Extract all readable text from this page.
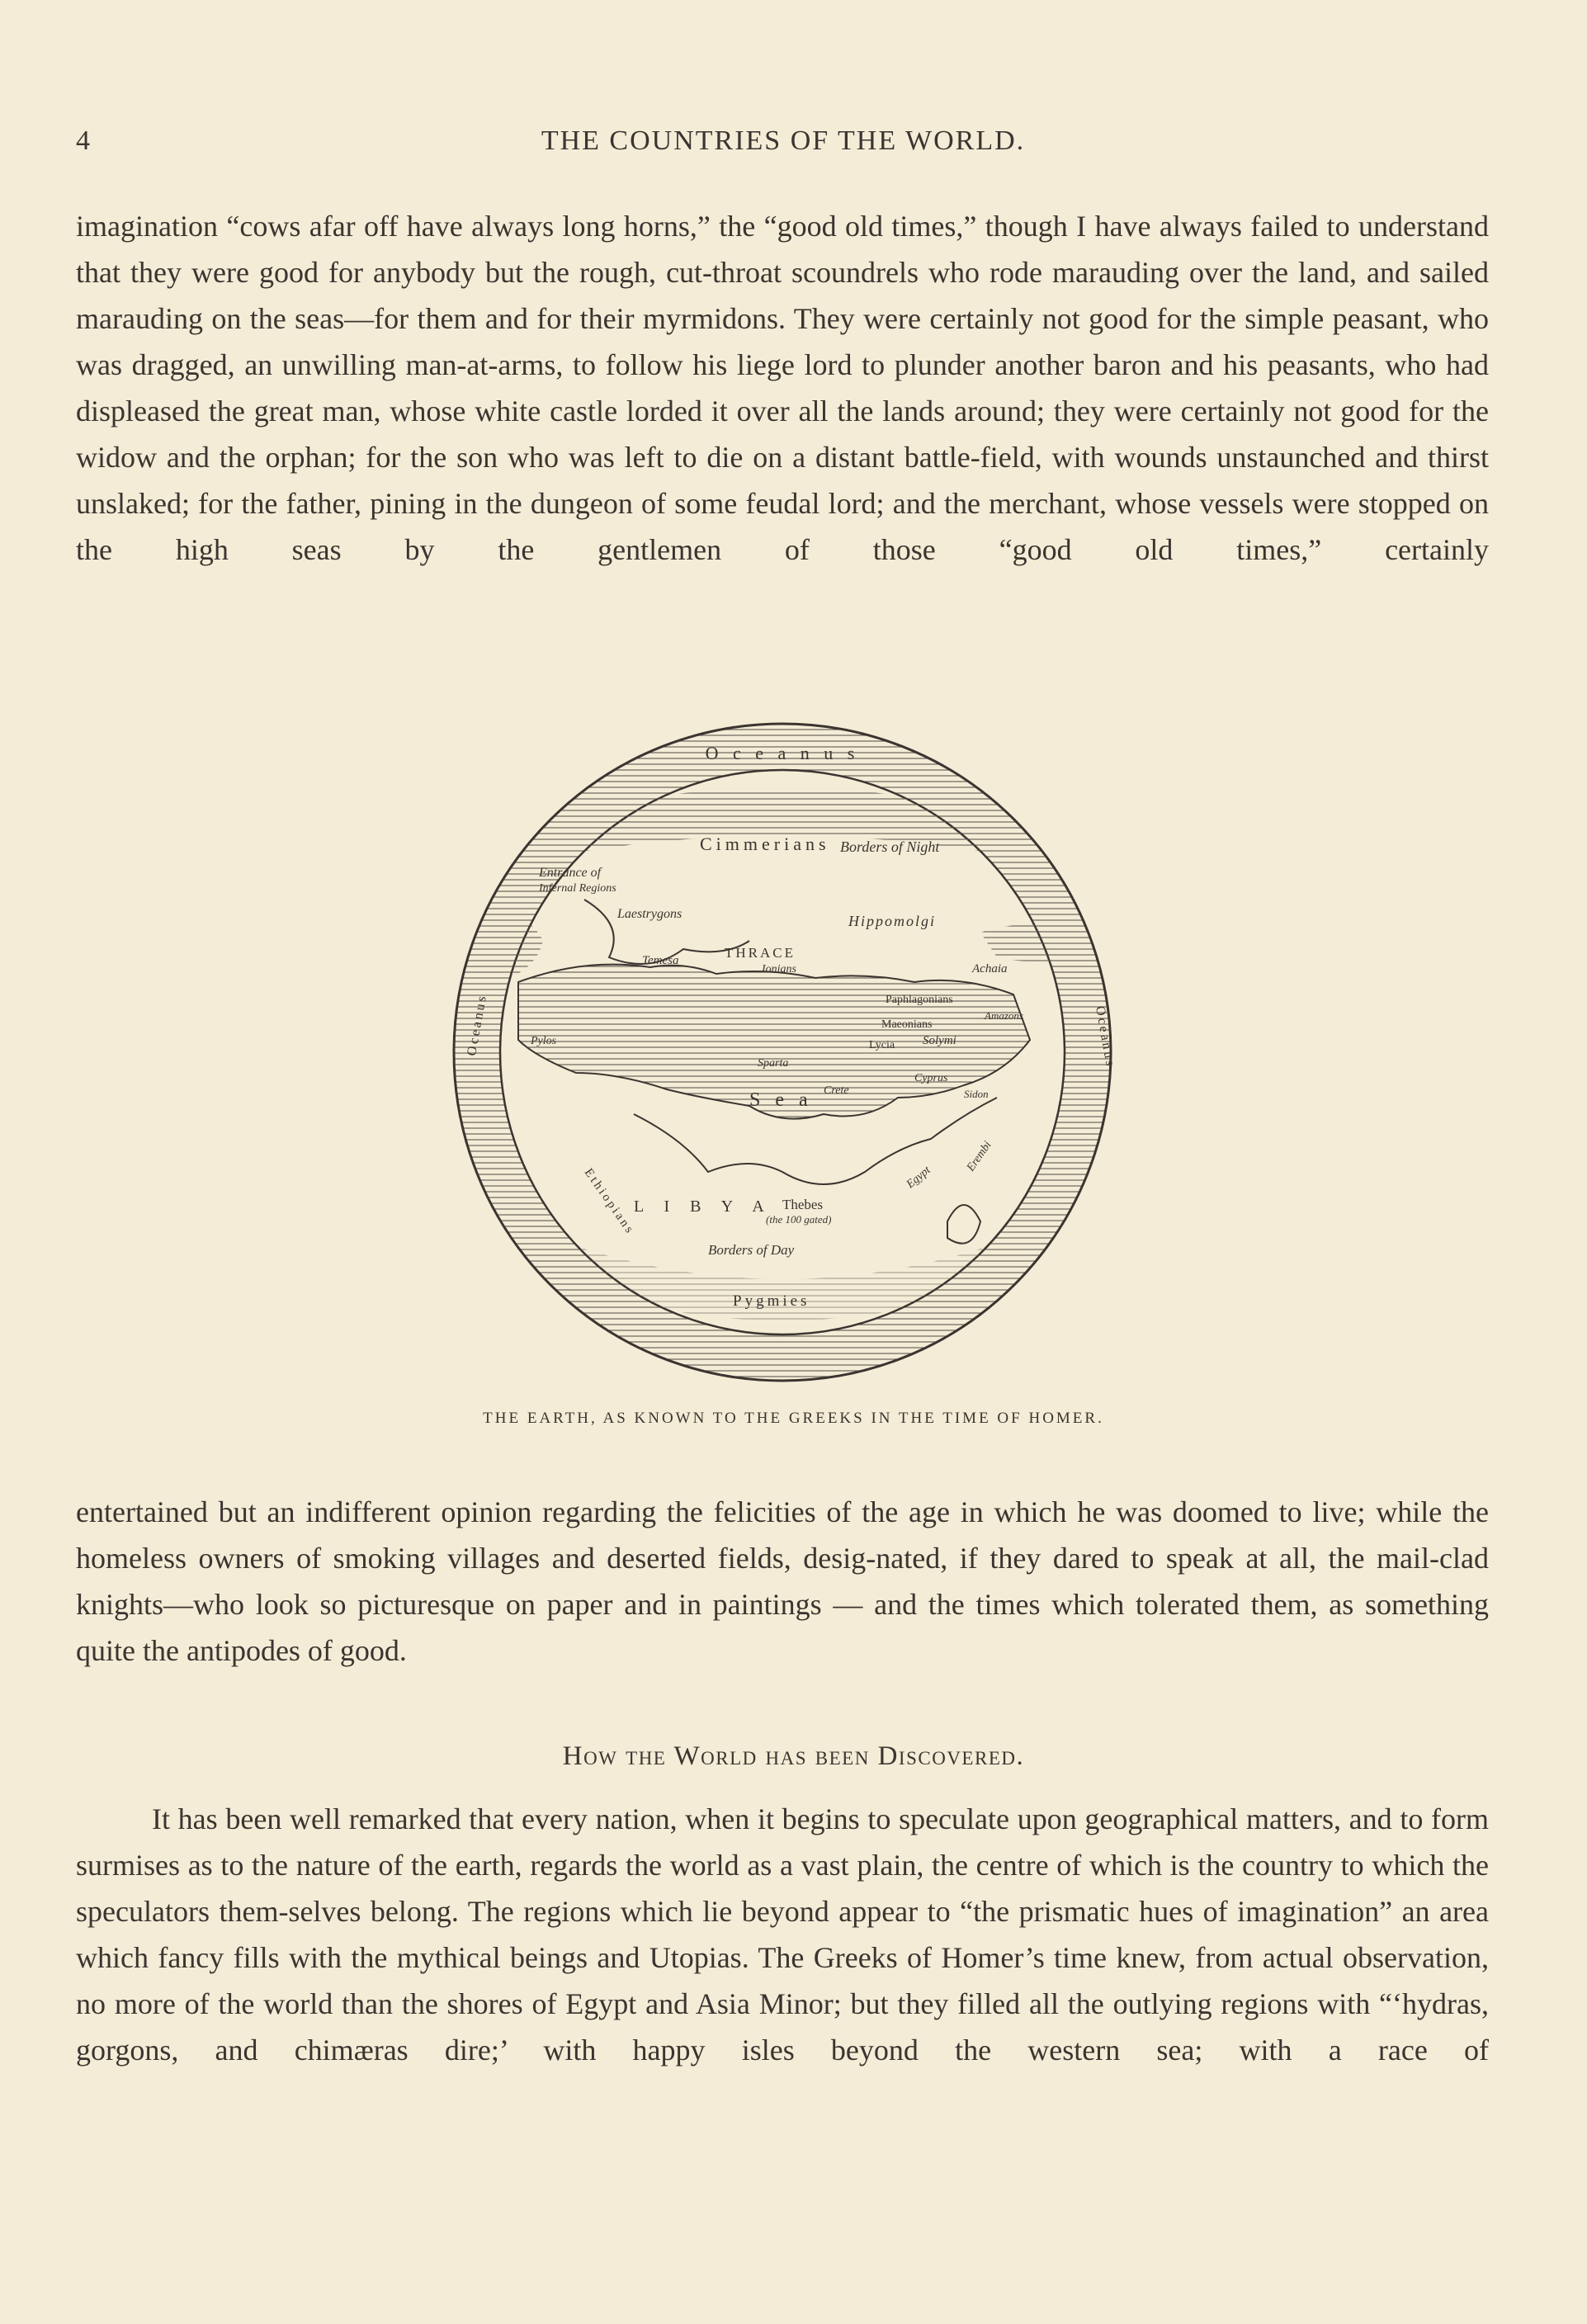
4	THE COUNTRIES OF THE WORLD.

imagination “cows afar off have always long horns,” the “good old times,” though I have always failed to understand that they were good for anybody but the rough, cut-throat scoundrels who rode marauding over the land, and sailed marauding on the seas—for them and for their myrmidons. They were certainly not good for the simple peasant, who was dragged, an unwilling man-at-arms, to follow his liege lord to plunder another baron and his peasants, who had displeased the great man, whose white castle lorded it over all the lands around; they were certainly not good for the widow and the orphan; for the son who was left to die on a distant battle-field, with wounds unstaunched and thirst unslaked; for the father, pining in the dungeon of some feudal lord; and the merchant, whose vessels were stopped on the high seas by the gentlemen of those “good old times,” certainly

O c e a n u s
Cimmerians Borders of Night
Entrance of
Infernal Regions
Laestrygons	Hippomolgi
Temesa	THRACE
Ionians	Achaia
Paphlagonians
Maeonians
Amazons
Lycia Solymi
Pylos
Sparta
Crete
Cyprus
Sidon
S e a
L I B Y A Thebes
(the 100 gated)
Egypt
Borders of Day
Pygmies
Ethiopians
Erembi
Oceanus	Oceanus
THE EARTH, AS KNOWN TO THE GREEKS IN THE TIME OF HOMER.

entertained but an indifferent opinion regarding the felicities of the age in which he was doomed to live; while the homeless owners of smoking villages and deserted fields, desig-nated, if they dared to speak at all, the mail-clad knights—who look so picturesque on paper and in paintings — and the times which tolerated them, as something quite the antipodes of good.

How the World has been Discovered.

It has been well remarked that every nation, when it begins to speculate upon geographical matters, and to form surmises as to the nature of the earth, regards the world as a vast plain, the centre of which is the country to which the speculators them-selves belong. The regions which lie beyond appear to “the prismatic hues of imagination” an area which fancy fills with the mythical beings and Utopias. The Greeks of Homer’s time knew, from actual observation, no more of the world than the shores of Egypt and Asia Minor; but they filled all the outlying regions with “‘hydras, gorgons, and chimæras dire;’ with happy isles beyond the western sea; with a race of
